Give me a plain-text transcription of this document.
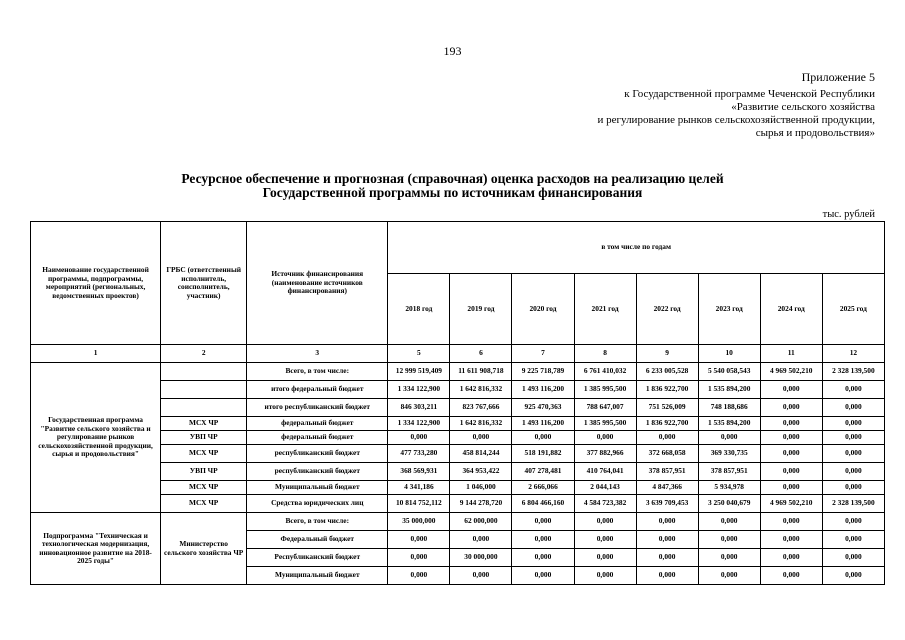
193
Приложение 5
к Государственной программе Чеченской Республики
«Развитие сельского хозяйства
и регулирование рынков сельскохозяйственной продукции,
сырья и продовольствия»
Ресурсное обеспечение и прогнозная (справочная) оценка расходов на реализацию целей
Государственной программы по источникам финансирования
тыс. рублей
Наименование государственной программы, подпрограммы, мероприятий (региональных, ведомственных проектов)	ГРБС (ответственный исполнитель, соисполнитель, участник)	Источник финансирования (наименование источников финансирования)	в том числе по годам							
			2018 год	2019 год	2020 год	2021 год	2022 год	2023 год	2024 год	2025 год
1	2	3	5	6	7	8	9	10	11	12
Государственная программа "Развитие сельского хозяйства и регулирование рынков сельскохозяйственной продукции, сырья и продовольствия"		Всего, в том числе:	12 999 519,409	11 611 908,718	9 225 718,789	6 761 410,032	6 233 005,528	5 540 058,543	4 969 502,210	2 328 139,500
		итого федеральный бюджет	1 334 122,900	1 642 816,332	1 493 116,200	1 385 995,500	1 836 922,700	1 535 894,200	0,000	0,000
		итого республиканский бюджет	846 303,211	823 767,666	925 470,363	788 647,007	751 526,009	748 188,686	0,000	0,000
	МСХ ЧР	федеральный бюджет	1 334 122,900	1 642 816,332	1 493 116,200	1 385 995,500	1 836 922,700	1 535 894,200	0,000	0,000
	УВП ЧР	федеральный бюджет	0,000	0,000	0,000	0,000	0,000	0,000	0,000	0,000
	МСХ ЧР	республиканский бюджет	477 733,280	458 814,244	518 191,882	377 882,966	372 668,058	369 330,735	0,000	0,000
	УВП ЧР	республиканский бюджет	368 569,931	364 953,422	407 278,481	410 764,041	378 857,951	378 857,951	0,000	0,000
	МСХ ЧР	Муниципальный бюджет	4 341,186	1 046,000	2 666,066	2 044,143	4 847,366	5 934,978	0,000	0,000
	МСХ ЧР	Средства юридических лиц	10 814 752,112	9 144 278,720	6 804 466,160	4 584 723,382	3 639 709,453	3 250 040,679	4 969 502,210	2 328 139,500
Подпрограмма "Техническая и технологическая модернизация, инновационное развитие на 2018-2025 годы"	Министерство сельского хозяйства ЧР	Всего, в том числе:	35 000,000	62 000,000	0,000	0,000	0,000	0,000	0,000	0,000
		Федеральный бюджет	0,000	0,000	0,000	0,000	0,000	0,000	0,000	0,000
		Республиканский бюджет	0,000	30 000,000	0,000	0,000	0,000	0,000	0,000	0,000
		Муниципальный бюджет	0,000	0,000	0,000	0,000	0,000	0,000	0,000	0,000
